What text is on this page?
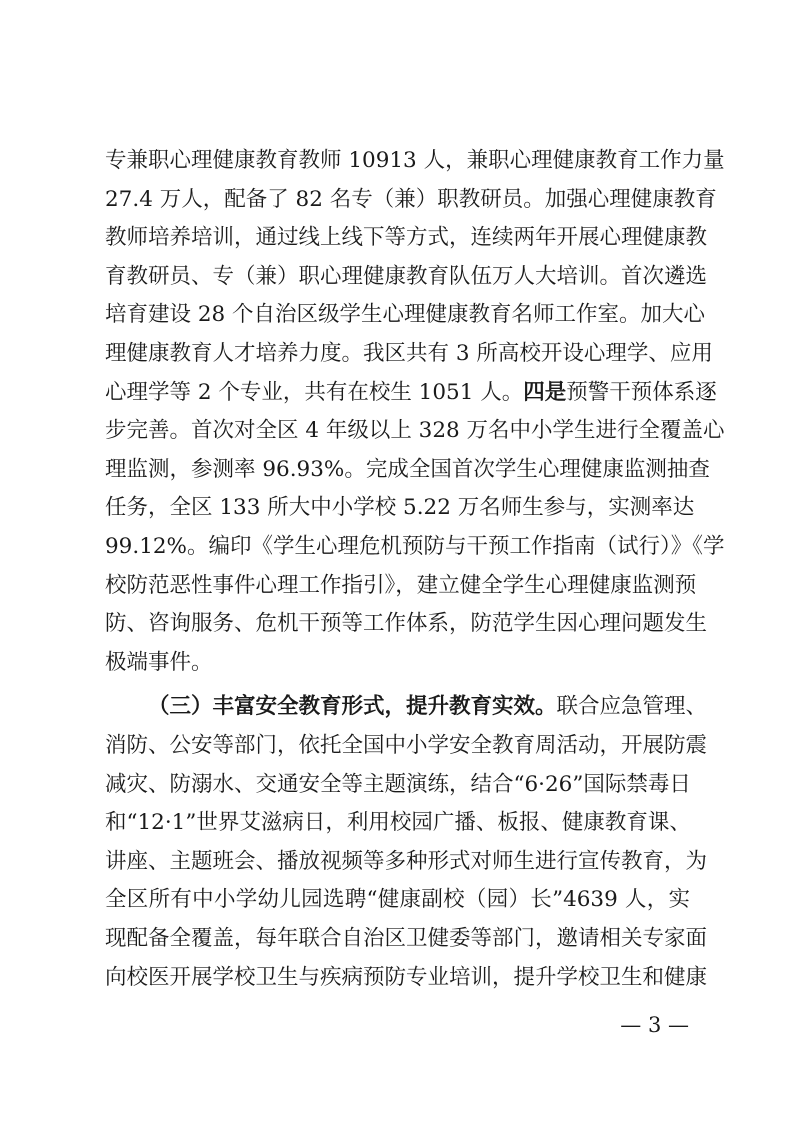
专兼职心理健康教育教师 10913 人，兼职心理健康教育工作力量
27.4 万人，配备了 82 名专（兼）职教研员。加强心理健康教育
教师培养培训，通过线上线下等方式，连续两年开展心理健康教
育教研员、专（兼）职心理健康教育队伍万人大培训。首次遴选
培育建设 28 个自治区级学生心理健康教育名师工作室。加大心
理健康教育人才培养力度。我区共有 3 所高校开设心理学、应用
心理学等 2 个专业，共有在校生 1051 人。四是预警干预体系逐
步完善。首次对全区 4 年级以上 328 万名中小学生进行全覆盖心
理监测，参测率 96.93%。完成全国首次学生心理健康监测抽查
任务，全区 133 所大中小学校 5.22 万名师生参与，实测率达
99.12%。编印《学生心理危机预防与干预工作指南（试行）》《学
校防范恶性事件心理工作指引》，建立健全学生心理健康监测预
防、咨询服务、危机干预等工作体系，防范学生因心理问题发生
极端事件。
（三）丰富安全教育形式，提升教育实效。联合应急管理、
消防、公安等部门，依托全国中小学安全教育周活动，开展防震
减灾、防溺水、交通安全等主题演练，结合“6·26”国际禁毒日
和“12·1”世界艾滋病日，利用校园广播、板报、健康教育课、
讲座、主题班会、播放视频等多种形式对师生进行宣传教育，为
全区所有中小学幼儿园选聘“健康副校（园）长”4639 人，实
现配备全覆盖，每年联合自治区卫健委等部门，邀请相关专家面
向校医开展学校卫生与疾病预防专业培训，提升学校卫生和健康
— 3 —
